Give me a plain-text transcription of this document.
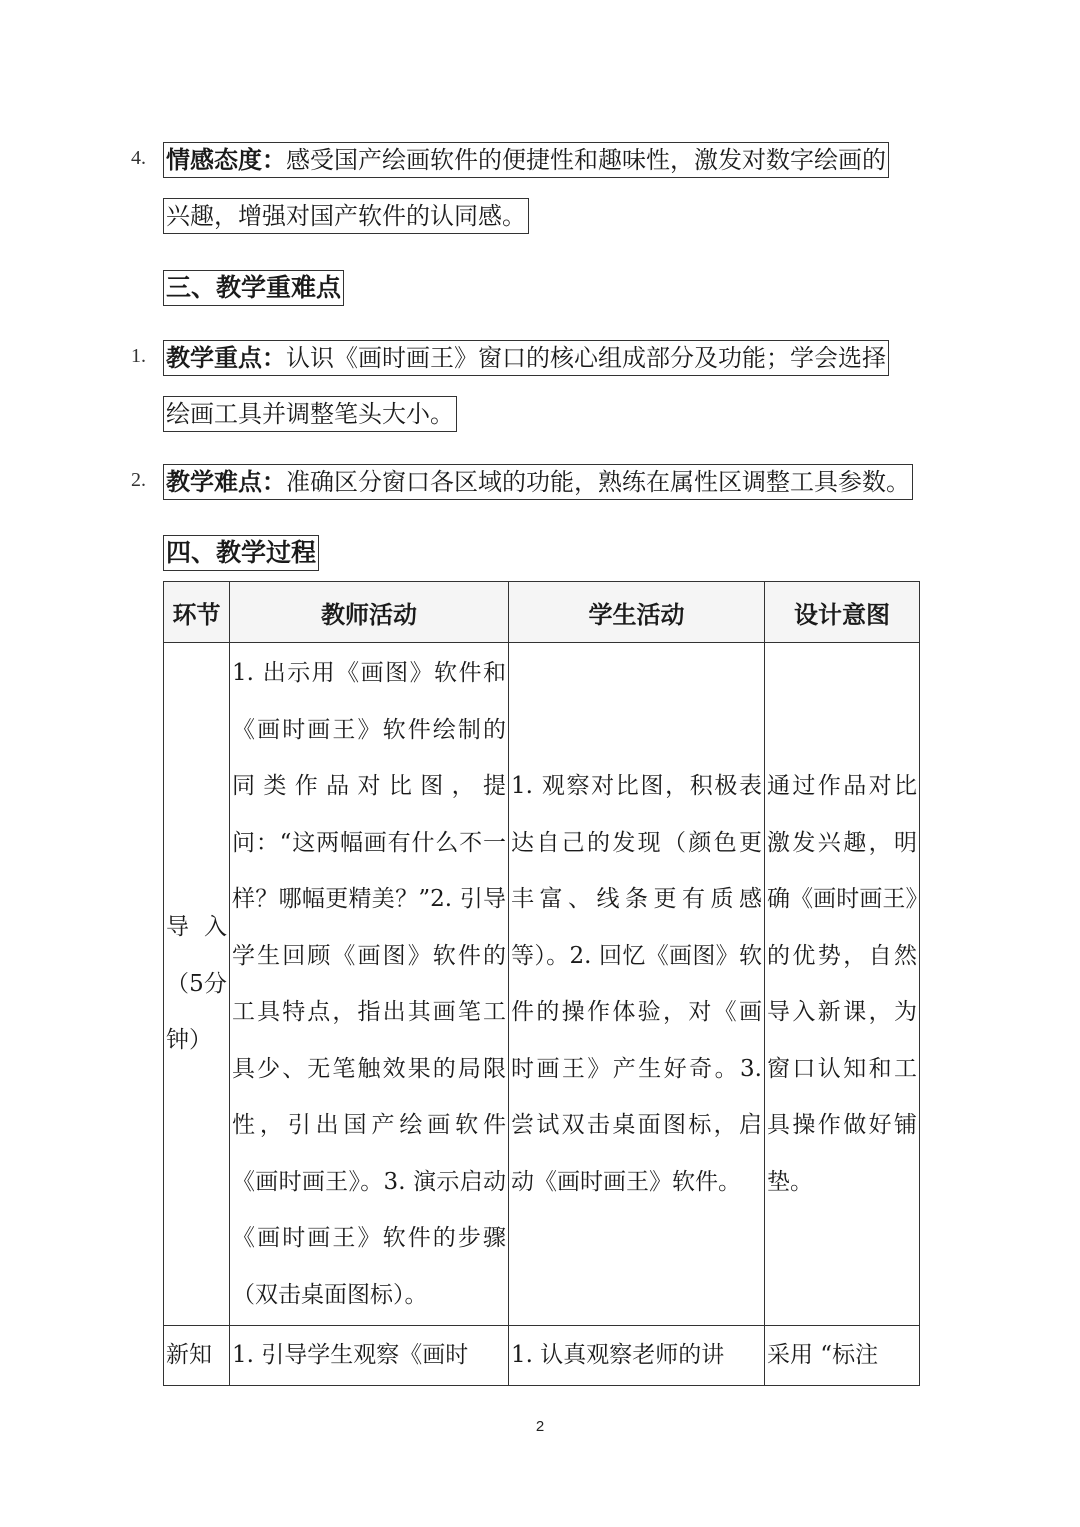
4. 情感态度：感受国产绘画软件的便捷性和趣味性，激发对数字绘画的
兴趣，增强对国产软件的认同感。
三、教学重难点
1. 教学重点：认识《画时画王》窗口的核心组成部分及功能；学会选择
绘画工具并调整笔头大小。
2. 教学难点：准确区分窗口各区域的功能，熟练在属性区调整工具参数。
四、教学过程
环节	教师活动	学生活动	设计意图
导入（5分钟）	1. 出示用《画图》软件和《画时画王》软件绘制的同类作品对比图，提问：“这两幅画有什么不一样？哪幅更精美？”2. 引导学生回顾《画图》软件的工具特点，指出其画笔工具少、无笔触效果的局限性，引出国产绘画软件《画时画王》。3. 演示启动《画时画王》软件的步骤（双击桌面图标）。	1. 观察对比图，积极表达自己的发现（颜色更丰富、线条更有质感等）。2. 回忆《画图》软件的操作体验，对《画时画王》产生好奇。3. 尝试双击桌面图标，启动《画时画王》软件。	通过作品对比激发兴趣，明确《画时画王》的优势，自然导入新课，为窗口认知和工具操作做好铺垫。
新知	1. 引导学生观察《画时	1. 认真观察老师的讲	采用 “标注
2
